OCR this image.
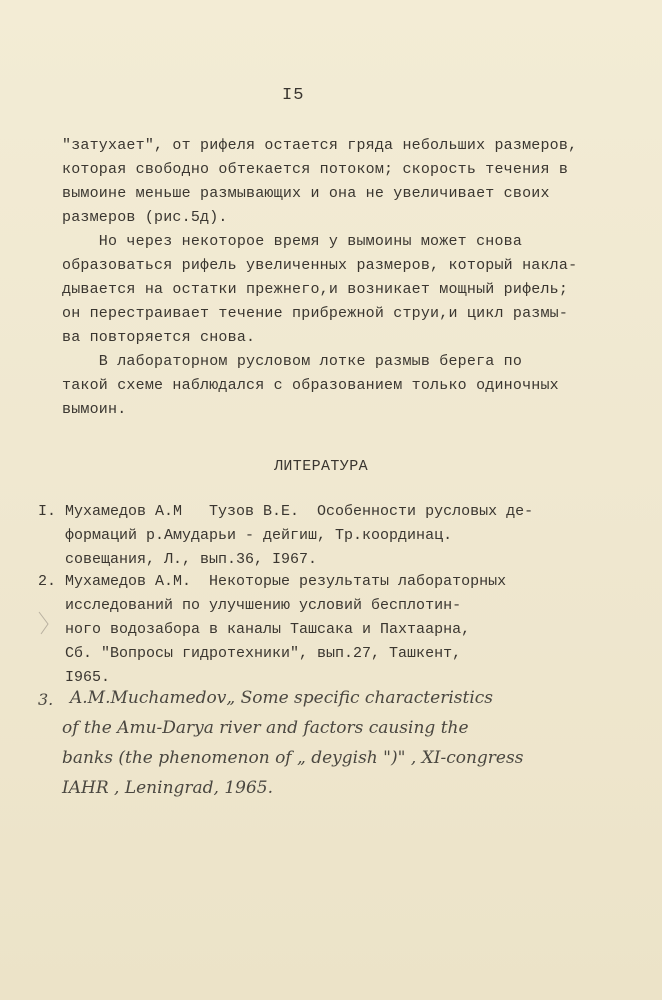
I5
"затухает", от рифеля остается гряда небольших размеров,
которая свободно обтекается потоком; скорость течения в
вымоине меньше размывающих и она не увеличивает своих
размеров (рис.5д).
Но через некоторое время у вымоины может снова
образоваться рифель увеличенных размеров, который накла-
дывается на остатки прежнего,и возникает мощный рифель;
он перестраивает течение прибрежной струи,и цикл размы-
ва повторяется снова.
В лабораторном русловом лотке размыв берега по
такой схеме наблюдался с образованием только одиночных
вымоин.
ЛИТЕРАТУРА
I. Мухамедов А.М   Тузов В.Е.  Особенности русловых де-
формаций р.Амударьи - дейгиш, Тр.координац.
совещания, Л., вып.36, I967.
2. Мухамедов А.М.  Некоторые результаты лабораторных
исследований по улучшению условий бесплотин-
ного водозабора в каналы Ташсака и Пахтаарна,
Сб. "Вопросы гидротехники", вып.27, Ташкент,
I965.
3. A.M.Muchamedov„ Some specific characteristics
of the Amu-Darya river and factors causing the
banks (the phenomenon of „ deygish ")" , XI-congress
IAHR , Leningrad, 1965.
